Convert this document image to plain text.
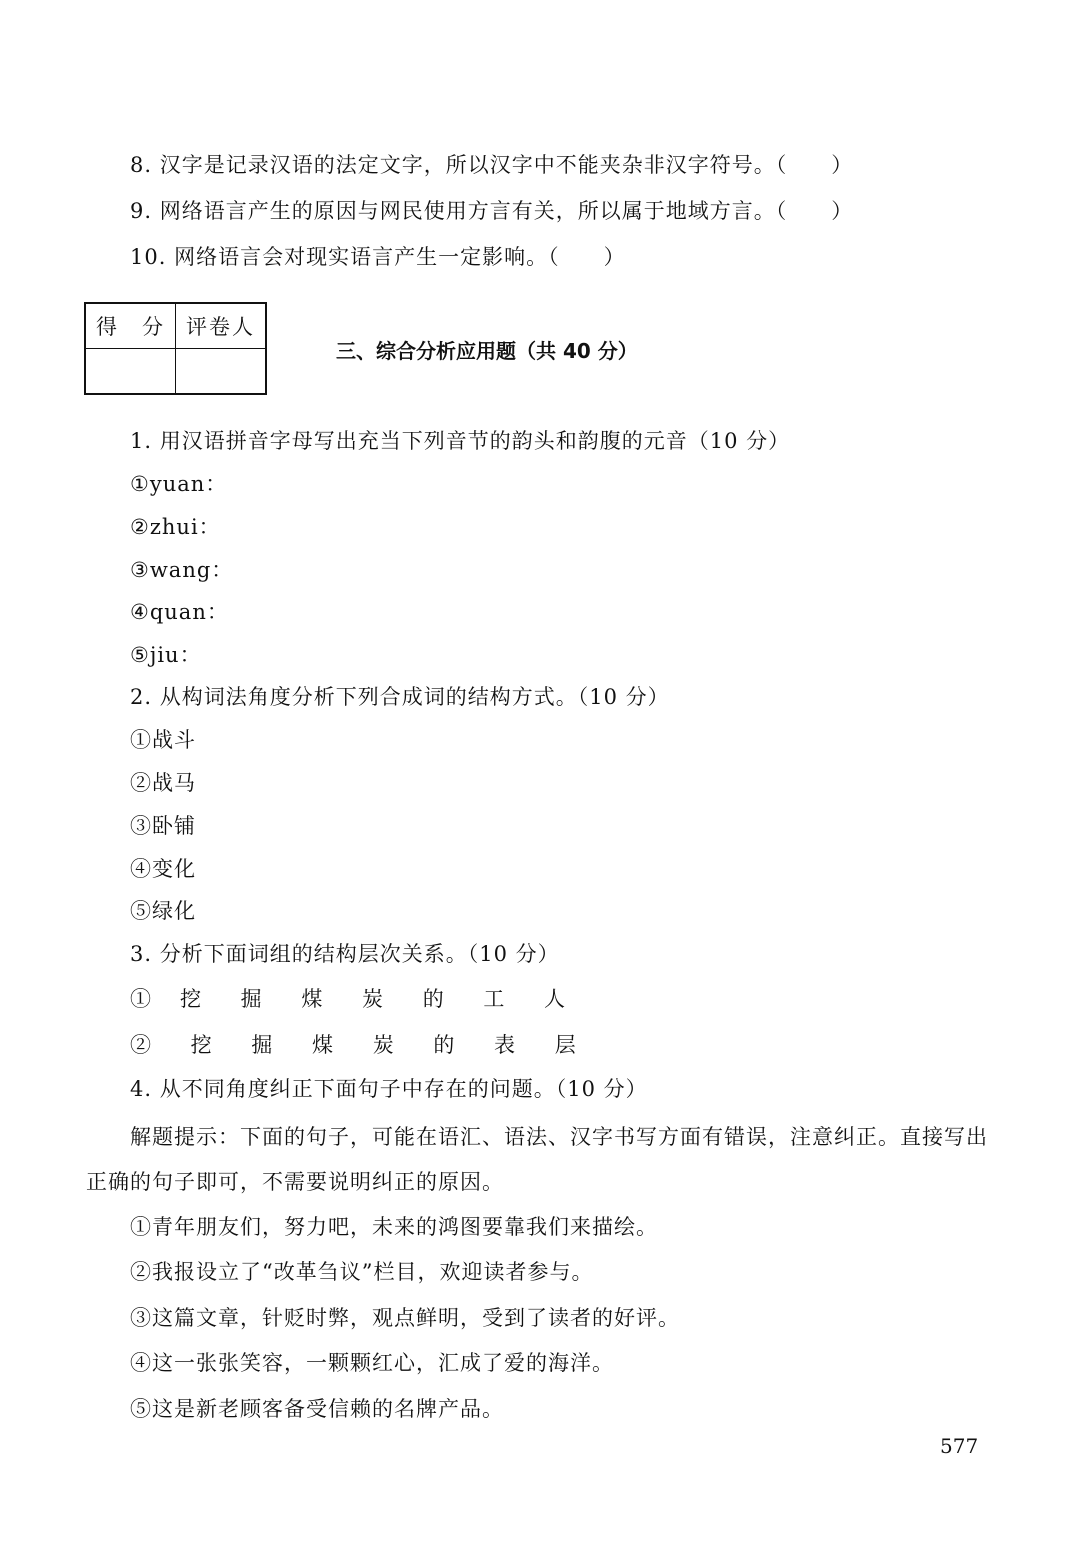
8. 汉字是记录汉语的法定文字，所以汉字中不能夹杂非汉字符号。（　　）
9. 网络语言产生的原因与网民使用方言有关，所以属于地域方言。（　　）
10. 网络语言会对现实语言产生一定影响。（　　）
得　分	评卷人

三、综合分析应用题（共 40 分）
1. 用汉语拼音字母写出充当下列音节的韵头和韵腹的元音（10 分）
①yuan：
②zhui：
③wang：
④quan：
⑤jiu：
2. 从构词法角度分析下列合成词的结构方式。（10 分）
①战斗
②战马
③卧铺
④变化
⑤绿化
3. 分析下面词组的结构层次关系。（10 分）
①　挖　 掘　 煤　 炭　 的　 工　 人
②　 挖　 掘　 煤　 炭　 的　 表　 层
4. 从不同角度纠正下面句子中存在的问题。（10 分）
解题提示：下面的句子，可能在语汇、语法、汉字书写方面有错误，注意纠正。直接写出正确的句子即可，不需要说明纠正的原因。
①青年朋友们，努力吧，未来的鸿图要靠我们来描绘。
②我报设立了“改革刍议”栏目，欢迎读者参与。
③这篇文章，针贬时弊，观点鲜明，受到了读者的好评。
④这一张张笑容，一颗颗红心，汇成了爱的海洋。
⑤这是新老顾客备受信赖的名牌产品。
577
